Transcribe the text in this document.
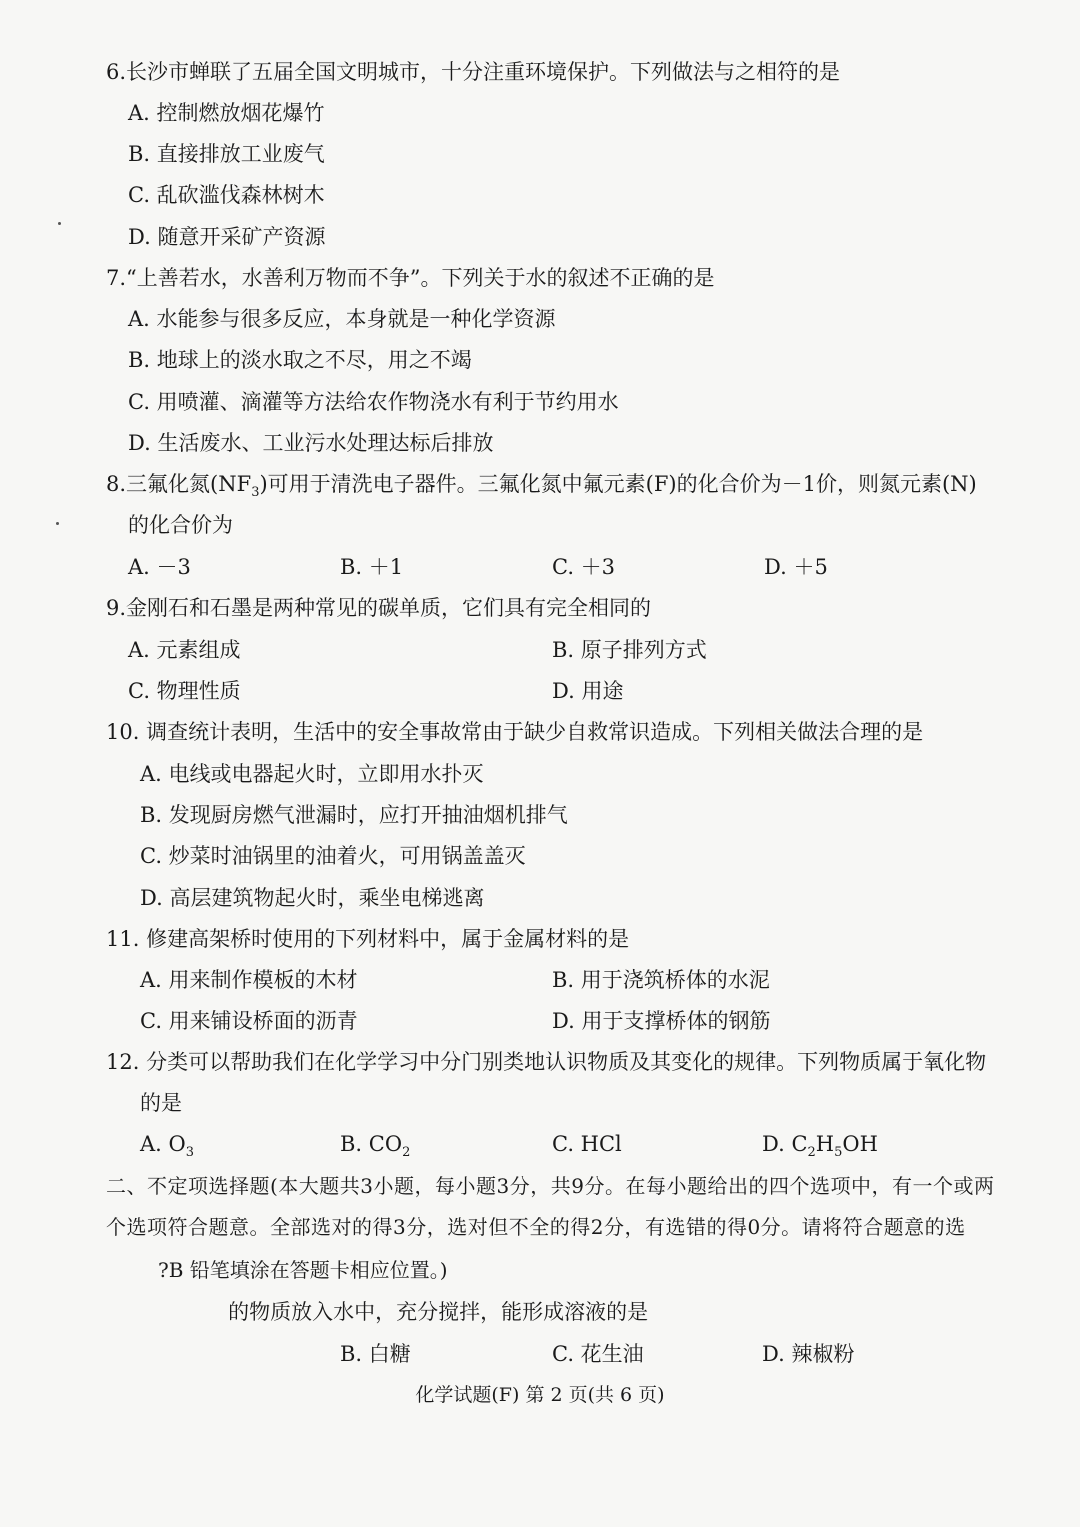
6.长沙市蝉联了五届全国文明城市，十分注重环境保护。下列做法与之相符的是
A. 控制燃放烟花爆竹
B. 直接排放工业废气
C. 乱砍滥伐森林树木
D. 随意开采矿产资源
7.“上善若水，水善利万物而不争”。下列关于水的叙述不正确的是
A. 水能参与很多反应，本身就是一种化学资源
B. 地球上的淡水取之不尽，用之不竭
C. 用喷灌、滴灌等方法给农作物浇水有利于节约用水
D. 生活废水、工业污水处理达标后排放
8.三氟化氮$(NF_3)$可用于清洗电子器件。三氟化氮中氟元素(F)的化合价为－1价，则氮元素(N)
的化合价为
A. －3	B. ＋1	C. ＋3	D. ＋5
9.金刚石和石墨是两种常见的碳单质，它们具有完全相同的
A. 元素组成	B. 原子排列方式
C. 物理性质	D. 用途
10. 调查统计表明，生活中的安全事故常由于缺少自救常识造成。下列相关做法合理的是
A. 电线或电器起火时，立即用水扑灭
B. 发现厨房燃气泄漏时，应打开抽油烟机排气
C. 炒菜时油锅里的油着火，可用锅盖盖灭
D. 高层建筑物起火时，乘坐电梯逃离
11. 修建高架桥时使用的下列材料中，属于金属材料的是
A. 用来制作模板的木材	B. 用于浇筑桥体的水泥
C. 用来铺设桥面的沥青	D. 用于支撑桥体的钢筋
12. 分类可以帮助我们在化学学习中分门别类地认识物质及其变化的规律。下列物质属于氧化物
的是
A. $O_3$	B. $CO_2$	C. HCl	D. $C_2H_5OH$
二、不定项选择题(本大题共3小题，每小题3分，共9分。在每小题给出的四个选项中，有一个或两
个选项符合题意。全部选对的得3分，选对但不全的得2分，有选错的得0分。请将符合题意的选
?B 铅笔填涂在答题卡相应位置。)
 的物质放入水中，充分搅拌，能形成溶液的是
B. 白糖	C. 花生油	D. 辣椒粉
化学试题(F) 第 2 页(共 6 页)
